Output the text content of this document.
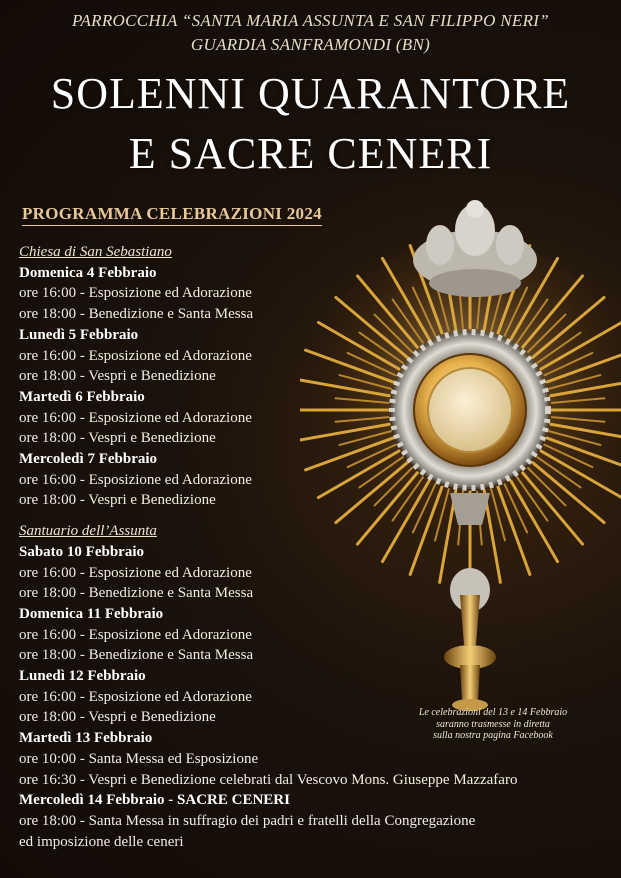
PARROCCHIA “SANTA MARIA ASSUNTA E SAN FILIPPO NERI”
GUARDIA SANFRAMONDI (BN)
SOLENNI QUARANTORE
E SACRE CENERI
PROGRAMMA CELEBRAZIONI 2024
Chiesa di San Sebastiano
Domenica 4 Febbraio
ore 16:00 - Esposizione ed Adorazione
ore 18:00 - Benedizione e Santa Messa
Lunedì 5 Febbraio
ore 16:00 - Esposizione ed Adorazione
ore 18:00 - Vespri e Benedizione
Martedì 6 Febbraio
ore 16:00 - Esposizione ed Adorazione
ore 18:00 - Vespri e Benedizione
Mercoledì 7 Febbraio
ore 16:00 - Esposizione ed Adorazione
ore 18:00 - Vespri e Benedizione
Santuario dell’Assunta
Sabato 10 Febbraio
ore 16:00 - Esposizione ed Adorazione
ore 18:00 - Benedizione e Santa Messa
Domenica 11 Febbraio
ore 16:00 - Esposizione ed Adorazione
ore 18:00 - Benedizione e Santa Messa
Lunedì 12 Febbraio
ore 16:00 - Esposizione ed Adorazione
ore 18:00 - Vespri e Benedizione
Martedì 13 Febbraio
ore 10:00 - Santa Messa ed Esposizione
ore 16:30 - Vespri e Benedizione celebrati dal Vescovo Mons. Giuseppe Mazzafaro
Mercoledì 14 Febbraio - SACRE CENERI
ore 18:00 - Santa Messa in suffragio dei padri e fratelli della Congregazione
ed imposizione delle ceneri
Le celebrazioni del 13 e 14 Febbraio
saranno trasmesse in diretta
sulla nostra pagina Facebook
